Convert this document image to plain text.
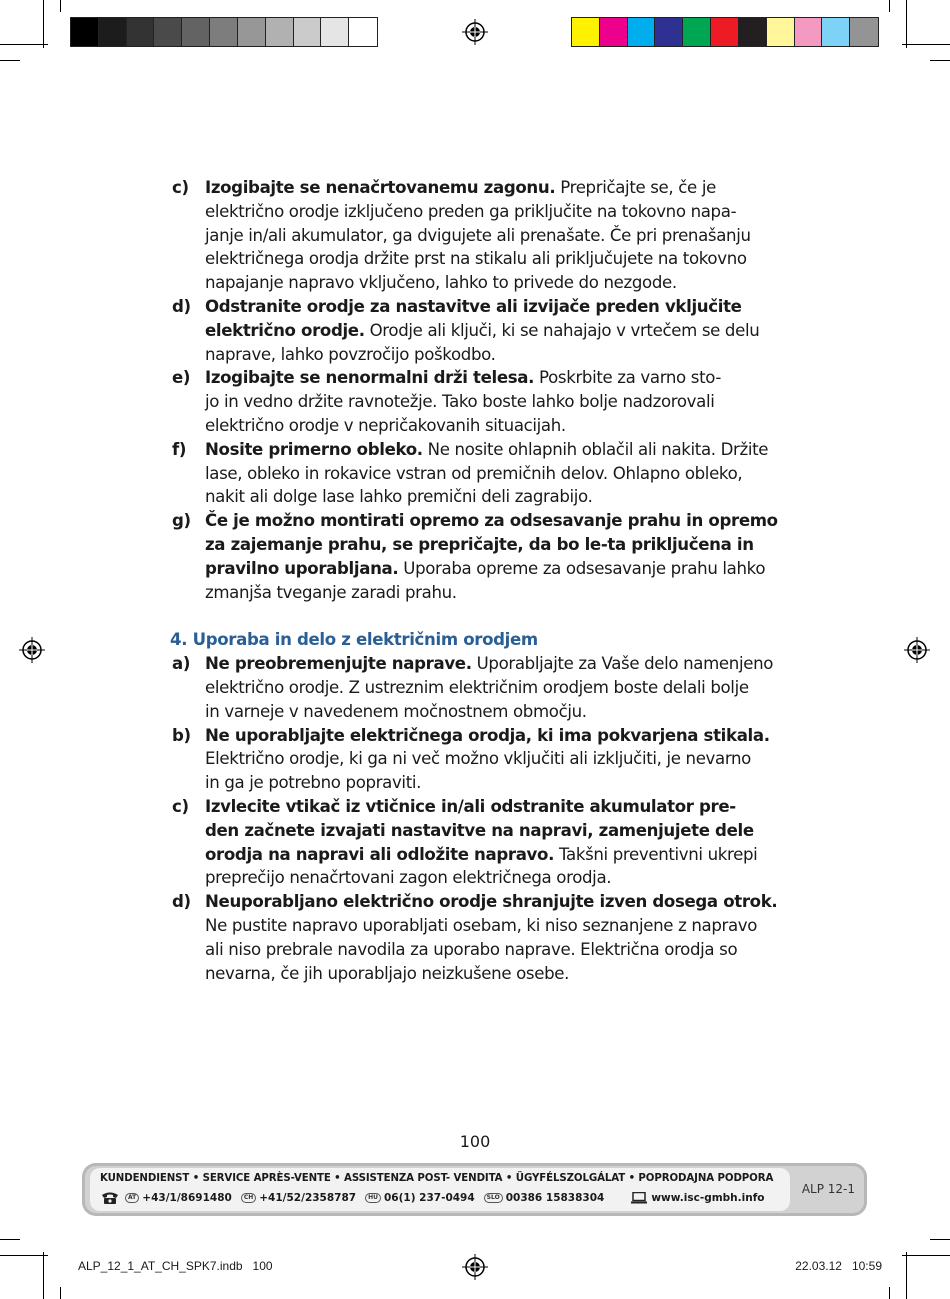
c) Izogibajte se nenačrtovanemu zagonu. Prepričajte se, če je
električno orodje izključeno preden ga priključite na tokovno napa-
janje in/ali akumulator, ga dvigujete ali prenašate. Če pri prenašanju
električnega orodja držite prst na stikalu ali priključujete na tokovno
napajanje napravo vključeno, lahko to privede do nezgode.
d) Odstranite orodje za nastavitve ali izvijače preden vključite
električno orodje. Orodje ali ključi, ki se nahajajo v vrtečem se delu
naprave, lahko povzročijo poškodbo.
e) Izogibajte se nenormalni drži telesa. Poskrbite za varno sto-
jo in vedno držite ravnotežje. Tako boste lahko bolje nadzorovali
električno orodje v nepričakovanih situacijah.
f) Nosite primerno obleko. Ne nosite ohlapnih oblačil ali nakita. Držite
lase, obleko in rokavice vstran od premičnih delov. Ohlapno obleko,
nakit ali dolge lase lahko premični deli zagrabijo.
g) Če je možno montirati opremo za odsesavanje prahu in opremo
za zajemanje prahu, se prepričajte, da bo le-ta priključena in
pravilno uporabljana. Uporaba opreme za odsesavanje prahu lahko
zmanjša tveganje zaradi prahu.
4. Uporaba in delo z električnim orodjem
a) Ne preobremenjujte naprave. Uporabljajte za Vaše delo namenjeno
električno orodje. Z ustreznim električnim orodjem boste delali bolje
in varneje v navedenem močnostnem območju.
b) Ne uporabljajte električnega orodja, ki ima pokvarjena stikala.
Električno orodje, ki ga ni več možno vključiti ali izključiti, je nevarno
in ga je potrebno popraviti.
c) Izvlecite vtikač iz vtičnice in/ali odstranite akumulator pre-
den začnete izvajati nastavitve na napravi, zamenjujete dele
orodja na napravi ali odložite napravo. Takšni preventivni ukrepi
preprečijo nenačrtovani zagon električnega orodja.
d) Neuporabljano električno orodje shranjujte izven dosega otrok.
Ne pustite napravo uporabljati osebam, ki niso seznanjene z napravo
ali niso prebrale navodila za uporabo naprave. Električna orodja so
nevarna, če jih uporabljajo neizkušene osebe.
100
KUNDENDIENST • SERVICE APRÈS-VENTE • ASSISTENZA POST- VENDITA • ÜGYFÉLSZOLGÁLAT • POPRODAJNA PODPORA
AT +43/1/8691480	CH +41/52/2358787	HU 06(1) 237-0494	SLO 00386 15838304	www.isc-gmbh.info
ALP 12-1
ALP_12_1_AT_CH_SPK7.indb   100	22.03.12   10:59
